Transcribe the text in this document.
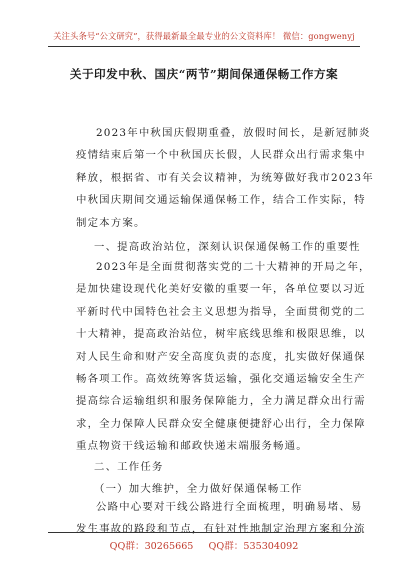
关注头条号“公文研究”，获得最新最全最专业的公文资料库！ 微信：gongwenyj
关于印发中秋、国庆“两节”期间保通保畅工作方案
2023年中秋国庆假期重叠，放假时间长，是新冠肺炎
疫情结束后第一个中秋国庆长假，人民群众出行需求集中
释放，根据省、市有关会议精神，为统筹做好我市2023年
中秋国庆期间交通运输保通保畅工作，结合工作实际，特
制定本方案。
一、提高政治站位，深刻认识保通保畅工作的重要性
2023年是全面贯彻落实党的二十大精神的开局之年，
是加快建设现代化美好安徽的重要一年，各单位要以习近
平新时代中国特色社会主义思想为指导，全面贯彻党的二
十大精神，提高政治站位，树牢底线思维和极限思维，以
对人民生命和财产安全高度负责的态度，扎实做好保通保
畅各项工作。高效统筹客货运输，强化交通运输安全生产
提高综合运输组织和服务保障能力，全力满足群众出行需
求，全力保障人民群众安全健康便捷舒心出行，全力保障
重点物资干线运输和邮政快递末端服务畅通。
二、工作任务
（一）加大维护，全力做好保通保畅工作
公路中心要对干线公路进行全面梳理，明确易堵、易
发生事故的路段和节点，有针对性地制定治理方案和分流
QQ群：30265665 QQ群：535304092
